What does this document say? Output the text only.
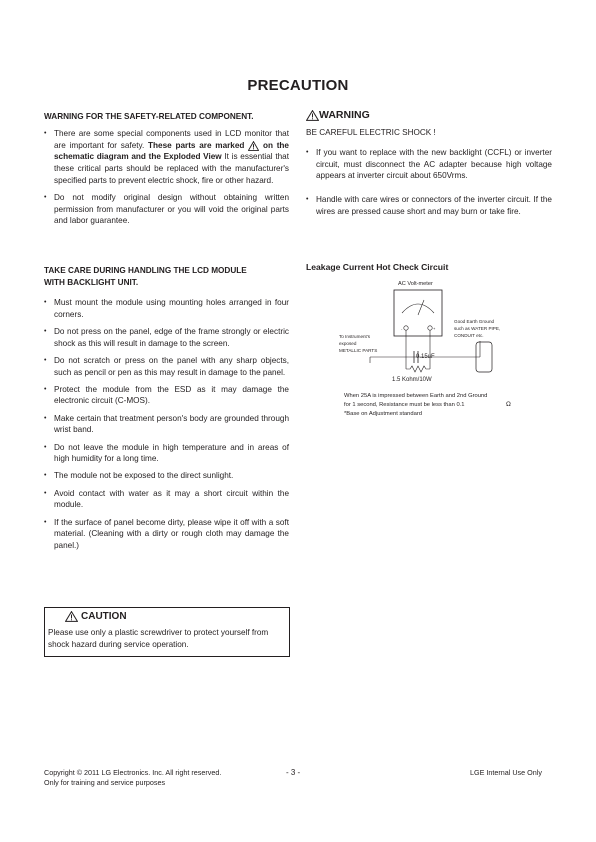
PRECAUTION
WARNING FOR THE SAFETY-RELATED COMPONENT.
• There are some special components used in LCD monitor that are important for safety. These parts are marked  on the schematic diagram and the Exploded View It is essential that these critical parts should be replaced with the manufacturer's specified parts to prevent electric shock, fire or other hazard.
• Do not modify original design without obtaining written permission from manufacturer or you will void the original parts and labor guarantee.
TAKE CARE DURING HANDLING THE LCD MODULE
WITH BACKLIGHT UNIT.
• Must mount the module using mounting holes arranged in four corners.
• Do not press on the panel, edge of the frame strongly or electric shock as this will result in damage to the screen.
• Do not scratch or press on the panel with any sharp objects, such as pencil or pen as this may result in damage to the panel.
• Protect the module from the ESD as it may damage the electronic circuit (C-MOS).
• Make certain that treatment person's body are grounded through wrist band.
• Do not leave the module in high temperature and in areas of high humidity for a long time.
• The module not be exposed to the direct sunlight.
• Avoid contact with water as it may a short circuit within the module.
• If the surface of panel become dirty, please wipe it off with a soft material. (Cleaning with a dirty or rough cloth may damage the panel.)
CAUTION
Please use only a plastic screwdriver to protect yourself from shock hazard during service operation.
WARNING
BE CAREFUL ELECTRIC SHOCK !
• If you want to replace with the new backlight (CCFL) or inverter circuit, must disconnect the AC adapter because high voltage appears at inverter circuit about 650Vrms.
• Handle with care wires or connectors of the inverter circuit. If the wires are pressed cause short and may burn or take fire.
Leakage Current Hot Check Circuit
AC Volt-meter
-	+
0.15uF
1.5 Kohm/10W
To Instrument's
exposed
METALLIC PARTS
Good Earth Ground
such as WATER PIPE,
CONDUIT etc.
When 25A is impressed between Earth and 2nd Ground
for 1 second, Resistance must be less than 0.1	Ω
*Base on Adjustment standard
Copyright © 2011 LG Electronics. Inc. All right reserved.
Only for training and service purposes
- 3 -	LGE Internal Use Only
